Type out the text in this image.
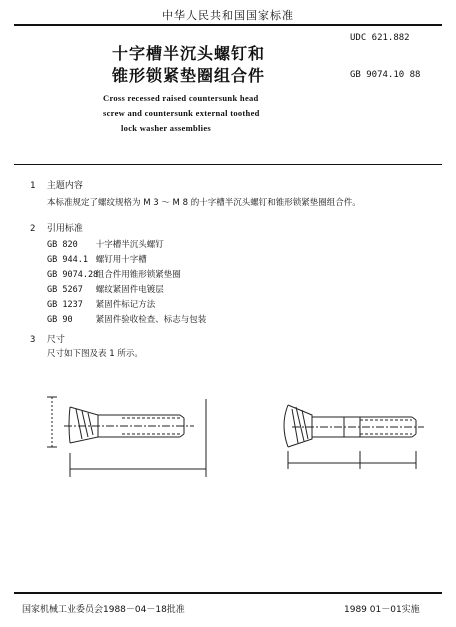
中华人民共和国国家标准
十字槽半沉头螺钉和
锥形锁紧垫圈组合件
UDC 621.882
GB 9074.10 88
Cross recessed raised countersunk head
screw and countersunk external toothed
lock washer assemblies
1 主题内容
本标准规定了螺纹规格为 M 3 ～ M 8 的十字槽半沉头螺钉和锥形锁紧垫圈组合件。
2 引用标准
GB 820 十字槽半沉头螺钉
GB 944.1 螺钉用十字槽
GB 9074.28 组合件用锥形锁紧垫圈
GB 5267 螺纹紧固件电镀层
GB 1237 紧固件标记方法
GB 90	紧固件验收检查、标志与包装
3 尺寸
尺寸如下图及表 1 所示。
国家机械工业委员会1988－04－18批准	1989 01－01实施
